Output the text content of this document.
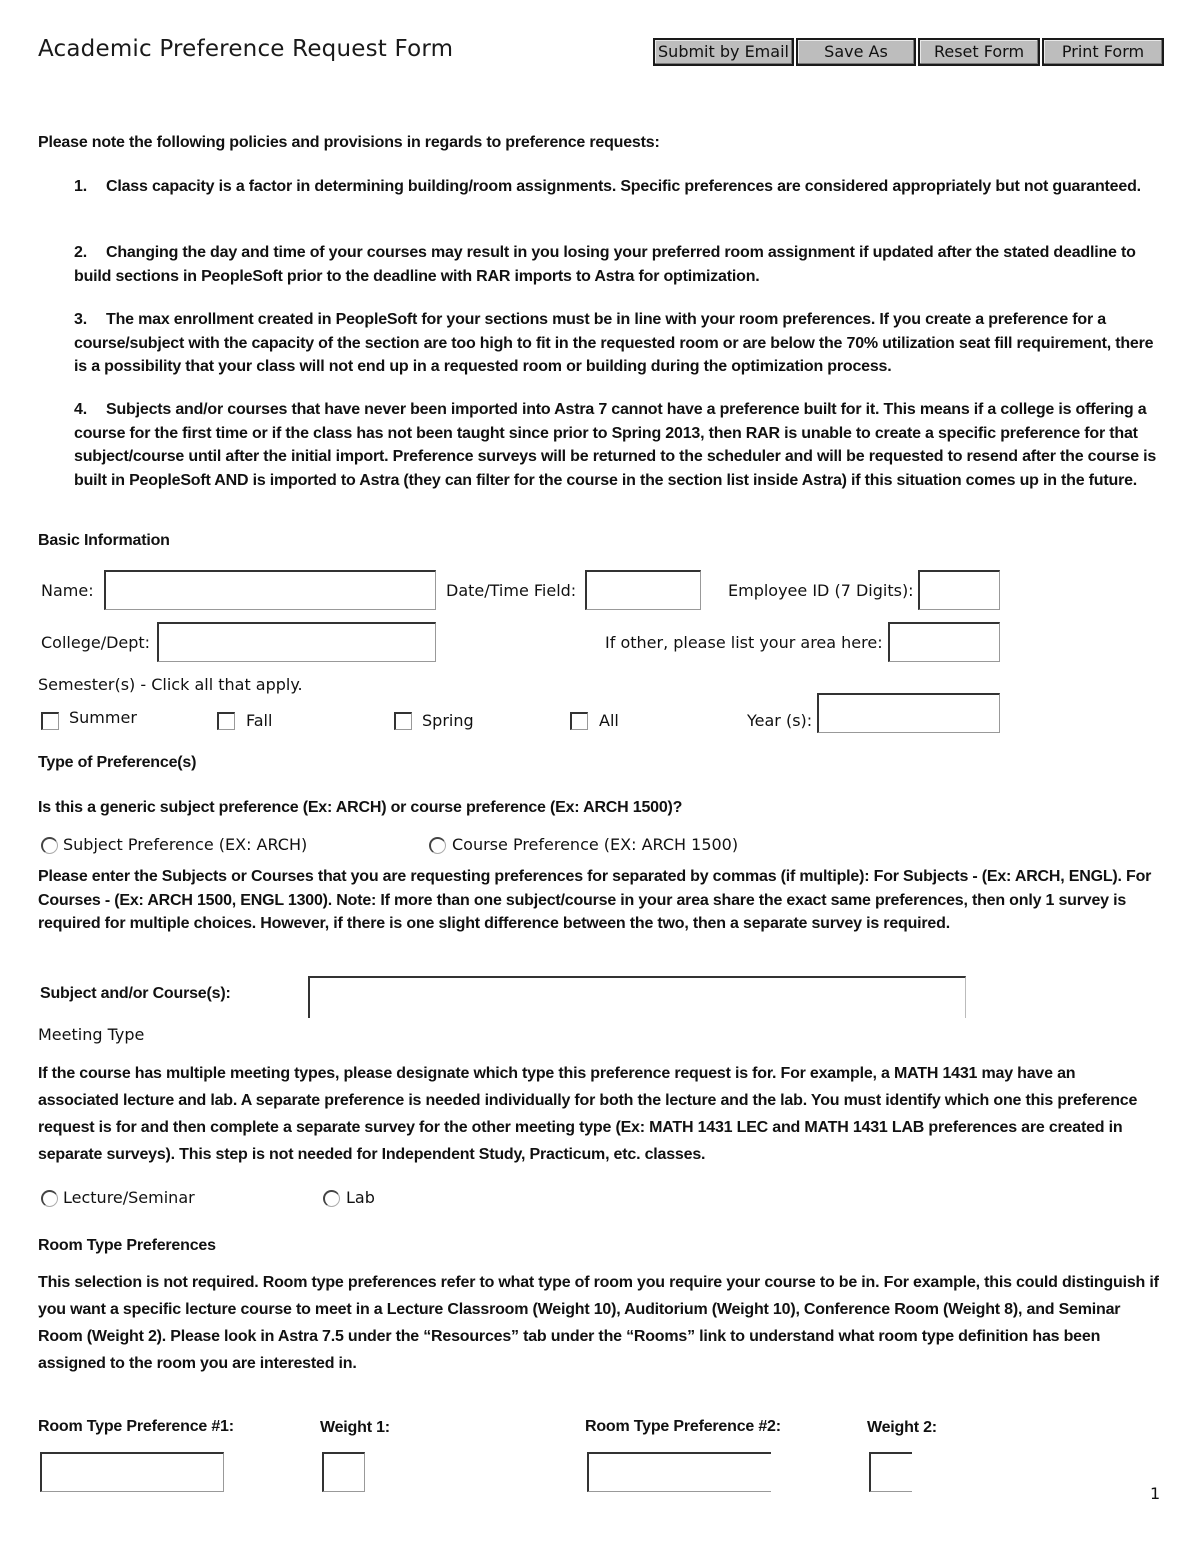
Academic Preference Request Form	Submit by Email	Save As	Reset Form	Print Form
Please note the following policies and provisions in regards to preference requests:
1. Class capacity is a factor in determining building/room assignments. Specific preferences are considered appropriately but not guaranteed.
2. Changing the day and time of your courses may result in you losing your preferred room assignment if updated after the stated deadline to build sections in PeopleSoft prior to the deadline with RAR imports to Astra for optimization.
3. The max enrollment created in PeopleSoft for your sections must be in line with your room preferences. If you create a preference for a course/subject with the capacity of the section are too high to fit in the requested room or are below the 70% utilization seat fill requirement, there is a possibility that your class will not end up in a requested room or building during the optimization process.
4. Subjects and/or courses that have never been imported into Astra 7 cannot have a preference built for it. This means if a college is offering a course for the first time or if the class has not been taught since prior to Spring 2013, then RAR is unable to create a specific preference for that subject/course until after the initial import. Preference surveys will be returned to the scheduler and will be requested to resend after the course is built in PeopleSoft AND is imported to Astra (they can filter for the course in the section list inside Astra) if this situation comes up in the future.
Basic Information
Name:	Date/Time Field:	Employee ID (7 Digits):
College/Dept:	If other, please list your area here:
Semester(s) - Click all that apply.
Summer	Fall	Spring	All	Year (s):
Type of Preference(s)
Is this a generic subject preference (Ex: ARCH) or course preference (Ex: ARCH 1500)?
Subject Preference (EX: ARCH)	Course Preference (EX: ARCH 1500)
Please enter the Subjects or Courses that you are requesting preferences for separated by commas (if multiple): For Subjects - (Ex: ARCH, ENGL). For Courses - (Ex: ARCH 1500, ENGL 1300). Note: If more than one subject/course in your area share the exact same preferences, then only 1 survey is required for multiple choices. However, if there is one slight difference between the two, then a separate survey is required.
Subject and/or Course(s):
Meeting Type
If the course has multiple meeting types, please designate which type this preference request is for. For example, a MATH 1431 may have an associated lecture and lab. A separate preference is needed individually for both the lecture and the lab. You must identify which one this preference request is for and then complete a separate survey for the other meeting type (Ex: MATH 1431 LEC and MATH 1431 LAB preferences are created in separate surveys). This step is not needed for Independent Study, Practicum, etc. classes.
Lecture/Seminar	Lab
Room Type Preferences
This selection is not required. Room type preferences refer to what type of room you require your course to be in. For example, this could distinguish if you want a specific lecture course to meet in a Lecture Classroom (Weight 10), Auditorium (Weight 10), Conference Room (Weight 8), and Seminar Room (Weight 2). Please look in Astra 7.5 under the “Resources” tab under the “Rooms” link to understand what room type definition has been assigned to the room you are interested in.
Room Type Preference #1:	Weight 1:	Room Type Preference #2:	Weight 2:
1
